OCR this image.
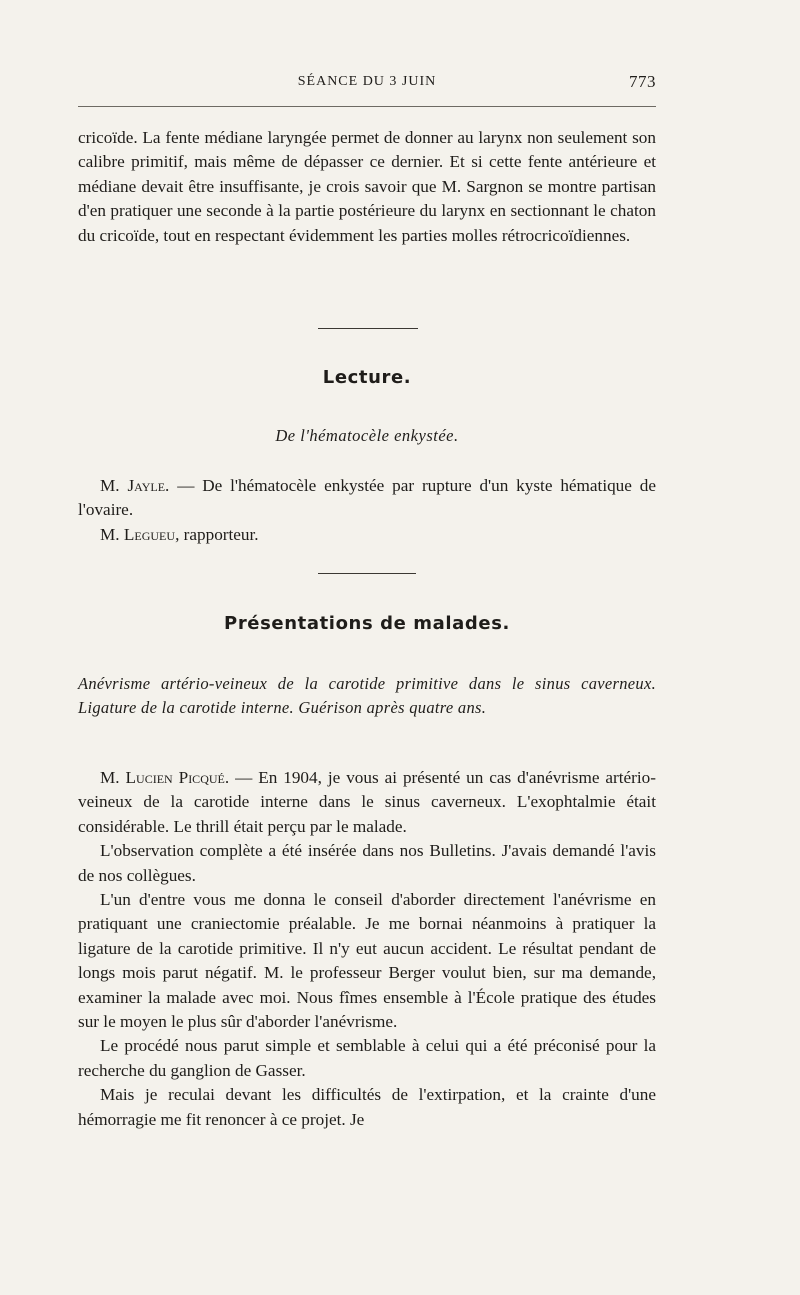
SÉANCE DU 3 JUIN	773

cricoïde. La fente médiane laryngée permet de donner au larynx non seulement son calibre primitif, mais même de dépasser ce dernier. Et si cette fente antérieure et médiane devait être insuffisante, je crois savoir que M. Sargnon se montre partisan d'en pratiquer une seconde à la partie postérieure du larynx en sectionnant le chaton du cricoïde, tout en respectant évidemment les parties molles rétrocricoïdiennes.

Lecture.
De l'hématocèle enkystée.

M. Jayle. — De l'hématocèle enkystée par rupture d'un kyste hématique de l'ovaire.

M. Legueu, rapporteur.

Présentations de malades.
Anévrisme artério-veineux de la carotide primitive dans le sinus caverneux. Ligature de la carotide interne. Guérison après quatre ans.

M. Lucien Picqué. — En 1904, je vous ai présenté un cas d'anévrisme artério-veineux de la carotide interne dans le sinus caverneux. L'exophtalmie était considérable. Le thrill était perçu par le malade.

L'observation complète a été insérée dans nos Bulletins. J'avais demandé l'avis de nos collègues.

L'un d'entre vous me donna le conseil d'aborder directement l'anévrisme en pratiquant une craniectomie préalable. Je me bornai néanmoins à pratiquer la ligature de la carotide primitive. Il n'y eut aucun accident. Le résultat pendant de longs mois parut négatif. M. le professeur Berger voulut bien, sur ma demande, examiner la malade avec moi. Nous fîmes ensemble à l'École pratique des études sur le moyen le plus sûr d'aborder l'anévrisme.

Le procédé nous parut simple et semblable à celui qui a été préconisé pour la recherche du ganglion de Gasser.

Mais je reculai devant les difficultés de l'extirpation, et la crainte d'une hémorragie me fit renoncer à ce projet. Je
